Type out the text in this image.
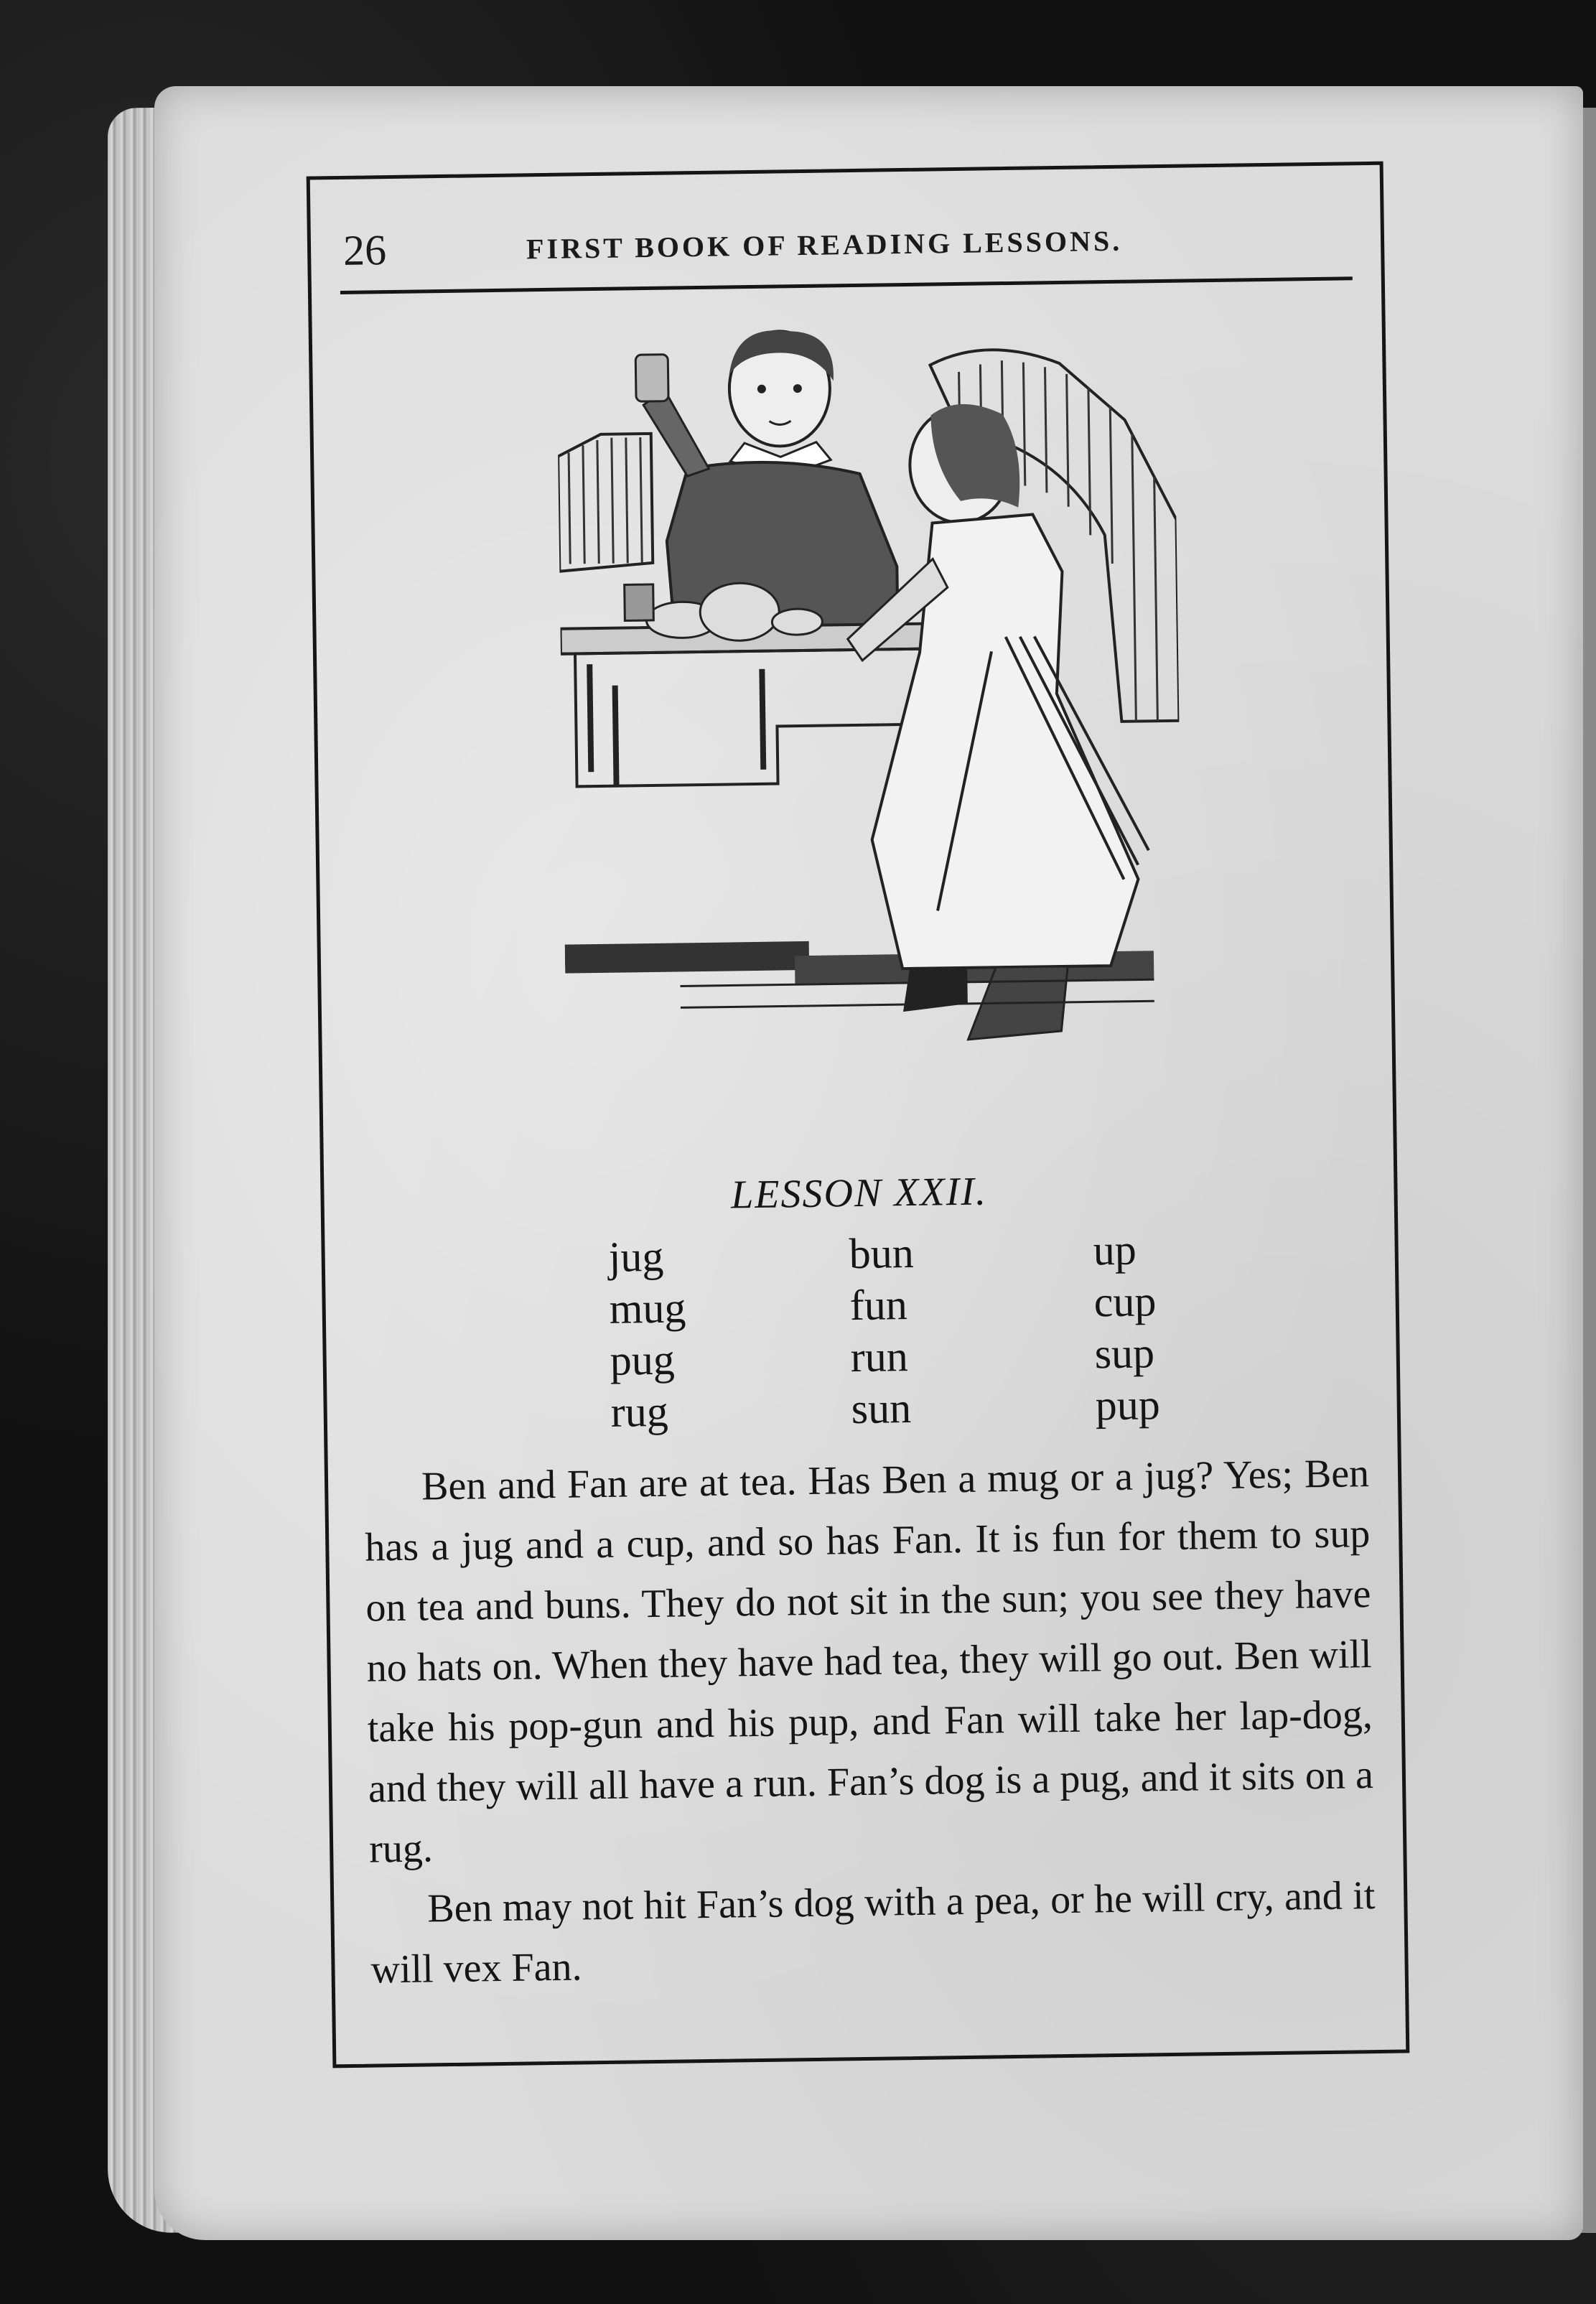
26	FIRST BOOK OF READING LESSONS.
LESSON XXII.
jug	bun	up
mug	fun	cup
pug	run	sup
rug	sun	pup

Ben and Fan are at tea. Has Ben a mug or a jug? Yes; Ben has a jug and a cup, and so has Fan. It is fun for them to sup on tea and buns. They do not sit in the sun; you see they have no hats on. When they have had tea, they will go out. Ben will take his pop-gun and his pup, and Fan will take her lap-dog, and they will all have a run. Fan’s dog is a pug, and it sits on a rug.

Ben may not hit Fan’s dog with a pea, or he will cry, and it will vex Fan.
